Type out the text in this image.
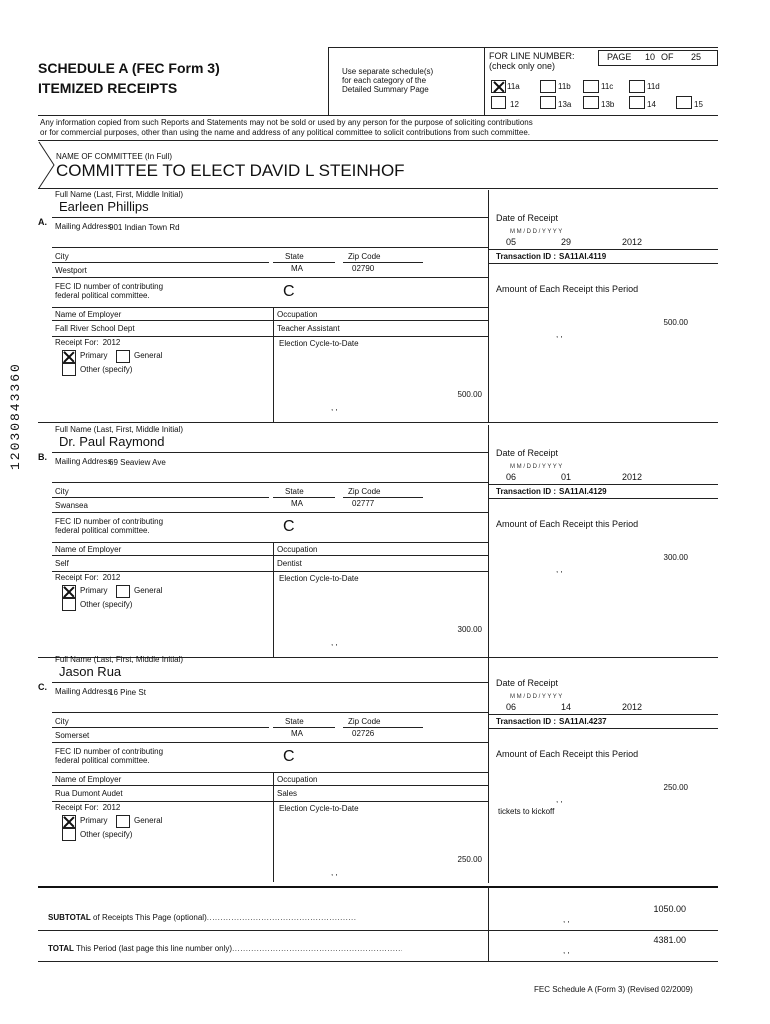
12030843360
SCHEDULE A (FEC Form 3)
ITEMIZED RECEIPTS
Use separate schedule(s)
for each category of the
Detailed Summary Page
FOR LINE NUMBER:
(check only one)
PAGE 10 OF 25
11a	11b	11c	11d
12	13a	13b	14	15
Any information copied from such Reports and Statements may not be sold or used by any person for the purpose of soliciting contributions
or for commercial purposes, other than using the name and address of any political committee to solicit contributions from such committee.
NAME OF COMMITTEE (In Full)
COMMITTEE TO ELECT DAVID L STEINHOF
A.
Full Name (Last, First, Middle Initial)
Earleen Phillips
Mailing Address
901 Indian Town Rd
City	State	Zip Code
Westport	MA	02790
FEC ID number of contributing
federal political committee.	C
Name of Employer	Occupation
Fall River School Dept	Teacher Assistant
Receipt For: 2012
Primary	General
Other (specify)
Election Cycle-to-Date
, ,
500.00
Date of Receipt
M M / D D / Y Y Y Y
05	29	2012
Transaction ID : SA11AI.4119
Amount of Each Receipt this Period
, ,
500.00
B.
Full Name (Last, First, Middle Initial)
Dr. Paul Raymond
Mailing Address
69 Seaview Ave
City	State	Zip Code
Swansea	MA	02777
FEC ID number of contributing
federal political committee.	C
Name of Employer	Occupation
Self	Dentist
Receipt For: 2012
Primary	General
Other (specify)
Election Cycle-to-Date
, ,
300.00
Date of Receipt
M M / D D / Y Y Y Y
06	01	2012
Transaction ID : SA11AI.4129
Amount of Each Receipt this Period
, ,
300.00
C.
Full Name (Last, First, Middle Initial)
Jason Rua
Mailing Address
16 Pine St
City	State	Zip Code
Somerset	MA	02726
FEC ID number of contributing
federal political committee.	C
Name of Employer	Occupation
Rua Dumont Audet	Sales
Receipt For: 2012
Primary	General
Other (specify)
Election Cycle-to-Date
, ,
250.00
Date of Receipt
M M / D D / Y Y Y Y
06	14	2012
Transaction ID : SA11AI.4237
Amount of Each Receipt this Period
, ,
250.00
tickets to kickoff
SUBTOTAL of Receipts This Page (optional) .....	, ,
1050.00
TOTAL This Period (last page this line number only) .....	, ,
4381.00
FEC Schedule A (Form 3) (Revised 02/2009)
